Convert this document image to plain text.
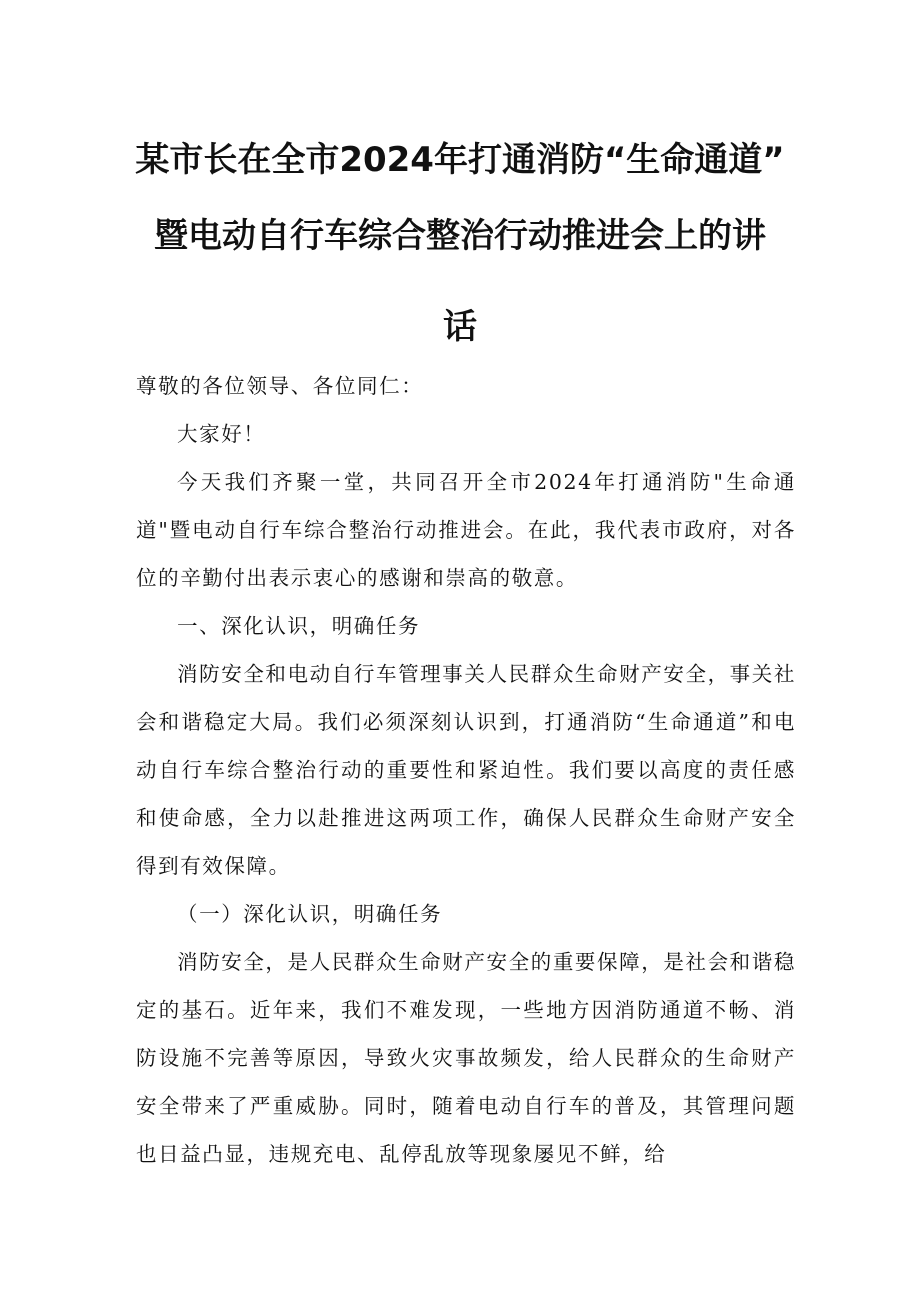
某市长在全市2024年打通消防“生命通道”
暨电动自行车综合整治行动推进会上的讲
话

尊敬的各位领导、各位同仁：

大家好！

今天我们齐聚一堂，共同召开全市2024年打通消防"生命通道"暨电动自行车综合整治行动推进会。在此，我代表市政府，对各位的辛勤付出表示衷心的感谢和崇高的敬意。

一、深化认识，明确任务

消防安全和电动自行车管理事关人民群众生命财产安全，事关社会和谐稳定大局。我们必须深刻认识到，打通消防“生命通道”和电动自行车综合整治行动的重要性和紧迫性。我们要以高度的责任感和使命感，全力以赴推进这两项工作，确保人民群众生命财产安全得到有效保障。

（一）深化认识，明确任务

消防安全，是人民群众生命财产安全的重要保障，是社会和谐稳定的基石。近年来，我们不难发现，一些地方因消防通道不畅、消防设施不完善等原因，导致火灾事故频发，给人民群众的生命财产安全带来了严重威胁。同时，随着电动自行车的普及，其管理问题也日益凸显，违规充电、乱停乱放等现象屡见不鲜，给
